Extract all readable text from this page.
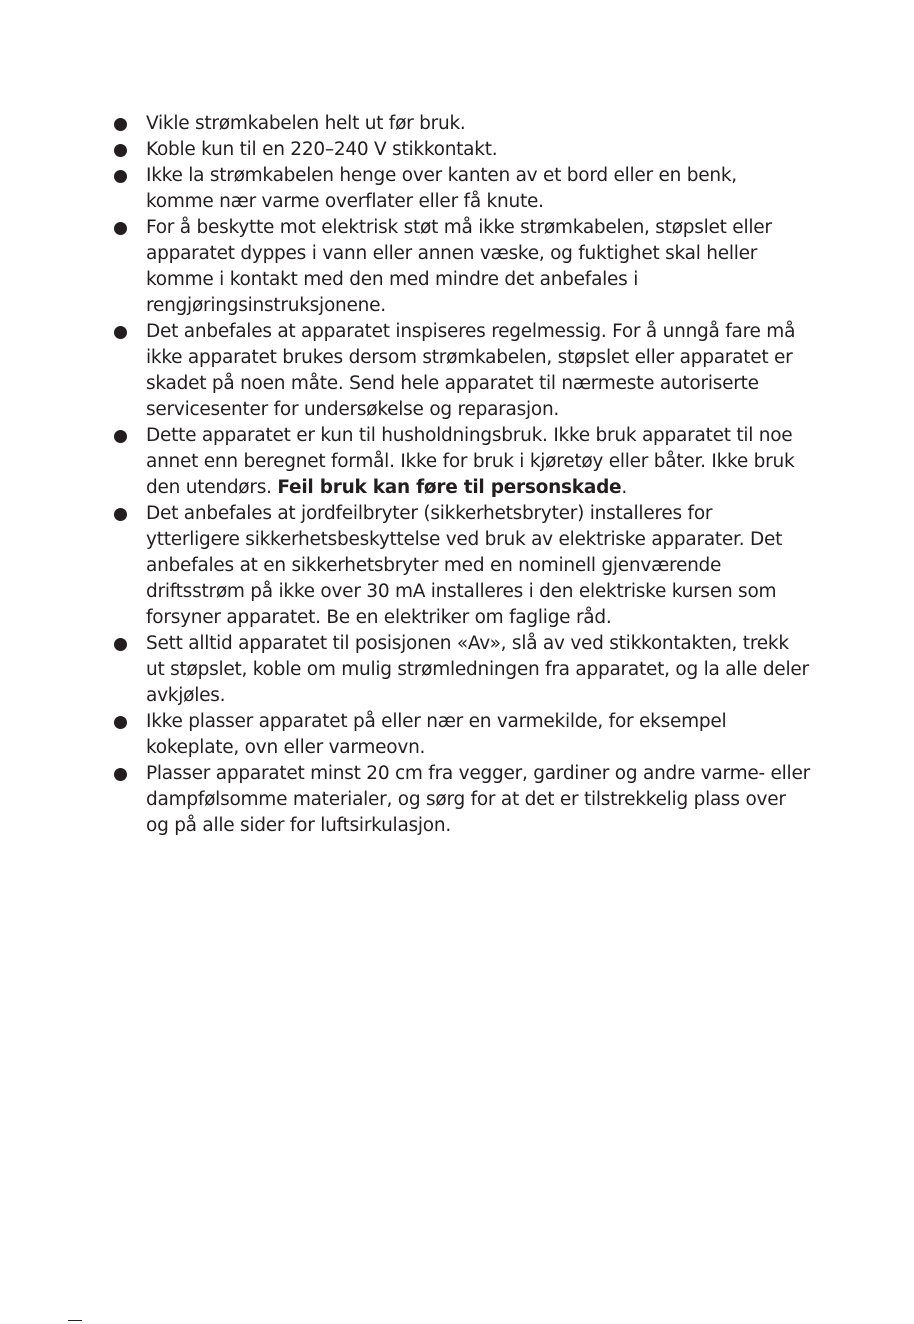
Vikle strømkabelen helt ut før bruk.
Koble kun til en 220–240 V stikkontakt.
Ikke la strømkabelen henge over kanten av et bord eller en benk, komme nær varme overflater eller få knute.
For å beskytte mot elektrisk støt må ikke strømkabelen, støpslet eller apparatet dyppes i vann eller annen væske, og fuktighet skal heller komme i kontakt med den med mindre det anbefales i rengjøringsinstruksjonene.
Det anbefales at apparatet inspiseres regelmessig. For å unngå fare må ikke apparatet brukes dersom strømkabelen, støpslet eller apparatet er skadet på noen måte. Send hele apparatet til nærmeste autoriserte servicesenter for undersøkelse og reparasjon.
Dette apparatet er kun til husholdningsbruk. Ikke bruk apparatet til noe annet enn beregnet formål. Ikke for bruk i kjøretøy eller båter. Ikke bruk den utendørs. Feil bruk kan føre til personskade.
Det anbefales at jordfeilbryter (sikkerhetsbryter) installeres for ytterligere sikkerhetsbeskyttelse ved bruk av elektriske apparater. Det anbefales at en sikkerhetsbryter med en nominell gjenværende driftsstrøm på ikke over 30 mA installeres i den elektriske kursen som forsyner apparatet. Be en elektriker om faglige råd.
Sett alltid apparatet til posisjonen «Av», slå av ved stikkontakten, trekk ut støpslet, koble om mulig strømledningen fra apparatet, og la alle deler avkjøles.
Ikke plasser apparatet på eller nær en varmekilde, for eksempel kokeplate, ovn eller varmeovn.
Plasser apparatet minst 20 cm fra vegger, gardiner og andre varme- eller dampfølsomme materialer, og sørg for at det er tilstrekkelig plass over og på alle sider for luftsirkulasjon.
